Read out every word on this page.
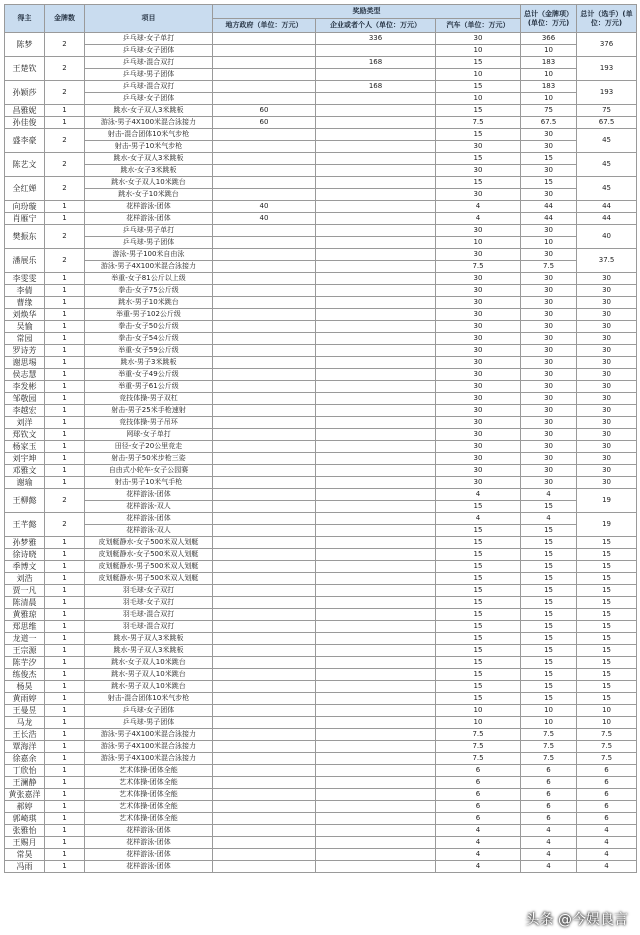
得主	金牌数	项目	奖励类型			总计（金牌项）(单位：万元)	总计（选手）(单位：万元)
			地方政府（单位：万元）	企业或者个人（单位：万元）	汽车（单位：万元）		
陈梦	2	乒乓球-女子单打		336	30	366	376
		乒乓球-女子团体			10	10	
王楚钦	2	乒乓球-混合双打		168	15	183	193
		乒乓球-男子团体			10	10	
孙颖莎	2	乒乓球-混合双打		168	15	183	193
		乒乓球-女子团体			10	10	
昌雅妮	1	跳水-女子双人3米跳板	60		15	75	75
孙佳俊	1	游泳-男子4X100米混合泳接力	60		7.5	67.5	67.5
盛李豪	2	射击-混合团体10米气步枪			15	30	45
		射击-男子10米气步枪			30	30	
陈艺文	2	跳水-女子双人3米跳板			15	15	45
		跳水-女子3米跳板			30	30	
全红婵	2	跳水-女子双人10米跳台			15	15	45
		跳水-女子10米跳台			30	30	
向玢璇	1	花样游泳-团体	40		4	44	44
肖雁宁	1	花样游泳-团体	40		4	44	44
樊振东	2	乒乓球-男子单打			30	30	40
		乒乓球-男子团体			10	10	
潘展乐	2	游泳-男子100米自由泳			30	30	37.5
		游泳-男子4X100米混合泳接力			7.5	7.5	
李雯雯	1	举重-女子81公斤以上级			30	30	30
李倩	1	拳击-女子75公斤级			30	30	30
曹缘	1	跳水-男子10米跳台			30	30	30
刘焕华	1	举重-男子102公斤级			30	30	30
吴愉	1	拳击-女子50公斤级			30	30	30
常园	1	拳击-女子54公斤级			30	30	30
罗诗芳	1	举重-女子59公斤级			30	30	30
谢思埸	1	跳水-男子3米跳板			30	30	30
侯志慧	1	举重-女子49公斤级			30	30	30
李发彬	1	举重-男子61公斤级			30	30	30
邹敬园	1	竞技体操-男子双杠			30	30	30
李越宏	1	射击-男子25米手枪速射			30	30	30
刘洋	1	竞技体操-男子吊环			30	30	30
郑钦文	1	网球-女子单打			30	30	30
杨家玉	1	田径-女子20公里竞走			30	30	30
刘宇坤	1	射击-男子50米步枪三姿			30	30	30
邓雅文	1	自由式小轮车-女子公园赛			30	30	30
谢瑜	1	射击-男子10米气手枪			30	30	30
王柳懿	2	花样游泳-团体			4	4	19
		花样游泳-双人			15	15	
王芊懿	2	花样游泳-团体			4	4	19
		花样游泳-双人			15	15	
孙梦雅	1	皮划艇静水-女子500米双人划艇			15	15	15
徐诗晓	1	皮划艇静水-女子500米双人划艇			15	15	15
季博文	1	皮划艇静水-男子500米双人划艇			15	15	15
刘浩	1	皮划艇静水-男子500米双人划艇			15	15	15
贾一凡	1	羽毛球-女子双打			15	15	15
陈清晨	1	羽毛球-女子双打			15	15	15
黄雅琼	1	羽毛球-混合双打			15	15	15
郑思维	1	羽毛球-混合双打			15	15	15
龙道一	1	跳水-男子双人3米跳板			15	15	15
王宗源	1	跳水-男子双人3米跳板			15	15	15
陈芋汐	1	跳水-女子双人10米跳台			15	15	15
练俊杰	1	跳水-男子双人10米跳台			15	15	15
杨昊	1	跳水-男子双人10米跳台			15	15	15
黄雨婷	1	射击-混合团体10米气步枪			15	15	15
王曼昱	1	乒乓球-女子团体			10	10	10
马龙	1	乒乓球-男子团体			10	10	10
王长浩	1	游泳-男子4X100米混合泳接力			7.5	7.5	7.5
覃海洋	1	游泳-男子4X100米混合泳接力			7.5	7.5	7.5
徐嘉余	1	游泳-男子4X100米混合泳接力			7.5	7.5	7.5
丁欣怡	1	艺术体操-团体全能			6	6	6
王澜静	1	艺术体操-团体全能			6	6	6
黄张嘉洋	1	艺术体操-团体全能			6	6	6
郝婷	1	艺术体操-团体全能			6	6	6
郭崎琪	1	艺术体操-团体全能			6	6	6
张雅怡	1	花样游泳-团体			4	4	4
王赐月	1	花样游泳-团体			4	4	4
常昊	1	花样游泳-团体			4	4	4
冯雨	1	花样游泳-团体			4	4	4
头条 @今娱良言
